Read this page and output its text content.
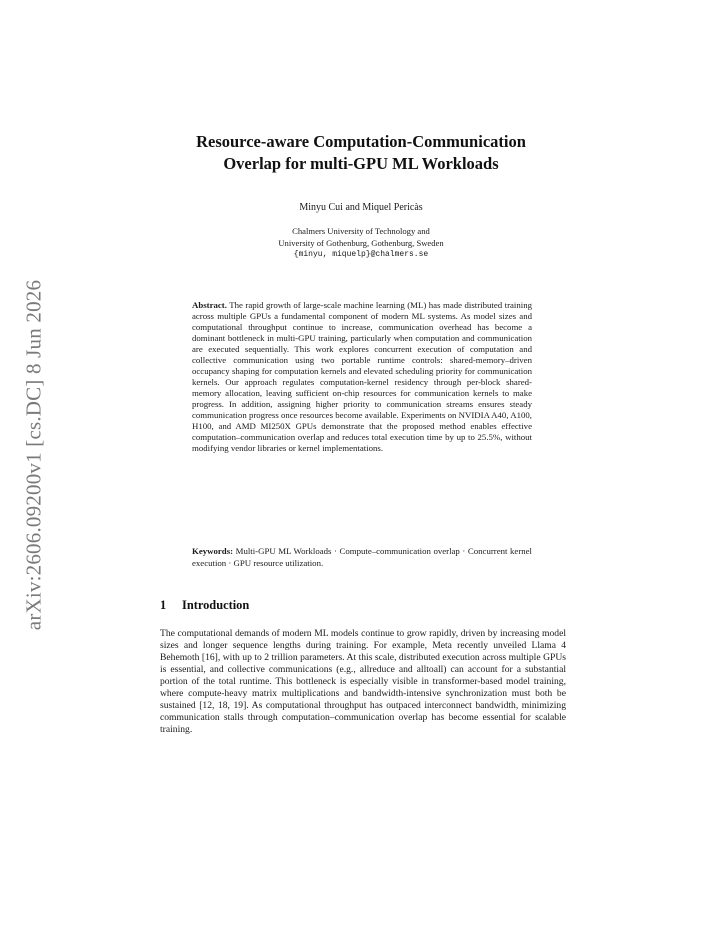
arXiv:2606.09200v1 [cs.DC] 8 Jun 2026
Resource-aware Computation-Communication
Overlap for multi-GPU ML Workloads
Minyu Cui and Miquel Pericàs
Chalmers University of Technology and
University of Gothenburg, Gothenburg, Sweden
{minyu, miquelp}@chalmers.se
Abstract. The rapid growth of large-scale machine learning (ML) has made distributed training across multiple GPUs a fundamental component of modern ML systems. As model sizes and computational throughput continue to increase, communication overhead has become a dominant bottleneck in multi-GPU training, particularly when computation and communication are executed sequentially. This work explores concurrent execution of computation and collective communication using two portable runtime controls: shared-memory–driven occupancy shaping for computation kernels and elevated scheduling priority for communication kernels. Our approach regulates computation-kernel residency through per-block shared-memory allocation, leaving sufficient on-chip resources for communication kernels to make progress. In addition, assigning higher priority to communication streams ensures steady communication progress once resources become available. Experiments on NVIDIA A40, A100, H100, and AMD MI250X GPUs demonstrate that the proposed method enables effective computation–communication overlap and reduces total execution time by up to 25.5%, without modifying vendor libraries or kernel implementations.
Keywords: Multi-GPU ML Workloads · Compute–communication overlap · Concurrent kernel execution · GPU resource utilization.
1 Introduction
The computational demands of modern ML models continue to grow rapidly, driven by increasing model sizes and longer sequence lengths during training. For example, Meta recently unveiled Llama 4 Behemoth [16], with up to 2 trillion parameters. At this scale, distributed execution across multiple GPUs is essential, and collective communications (e.g., allreduce and alltoall) can account for a substantial portion of the total runtime. This bottleneck is especially visible in transformer-based model training, where compute-heavy matrix multiplications and bandwidth-intensive synchronization must both be sustained [12, 18, 19]. As computational throughput has outpaced interconnect bandwidth, minimizing communication stalls through computation–communication overlap has become essential for scalable training.
